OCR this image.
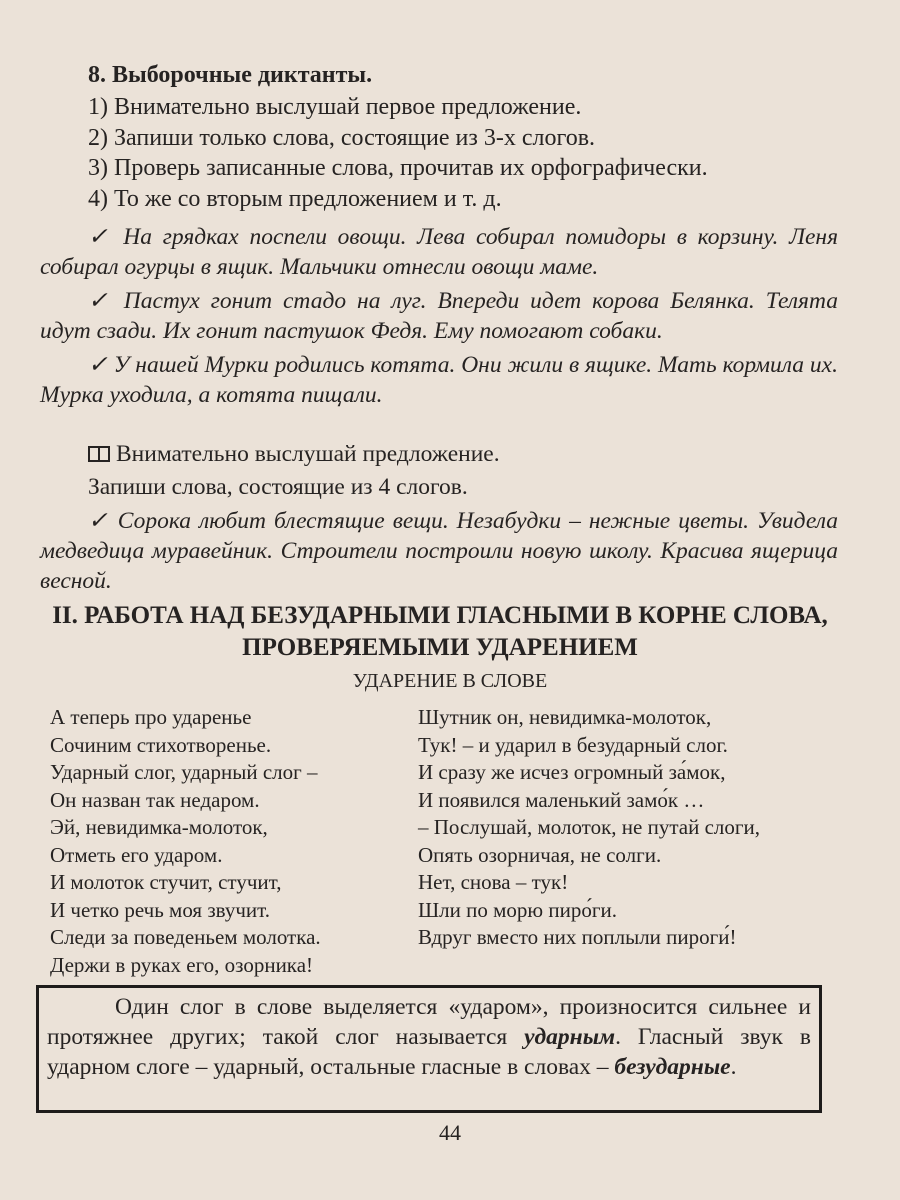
8. Выборочные диктанты.
1) Внимательно выслушай первое предложение.
2) Запиши только слова, состоящие из 3-х слогов.
3) Проверь записанные слова, прочитав их орфографически.
4) То же со вторым предложением и т. д.

✓ На грядках поспели овощи. Лева собирал помидоры в корзину. Леня собирал огурцы в ящик. Мальчики отнесли овощи маме.

✓ Пастух гонит стадо на луг. Впереди идет корова Белянка. Телята идут сзади. Их гонит пастушок Федя. Ему помогают собаки.

✓ У нашей Мурки родились котята. Они жили в ящике. Мать кормила их. Мурка уходила, а котята пищали.

Внимательно выслушай предложение.
Запиши слова, состоящие из 4 слогов.

✓ Сорока любит блестящие вещи. Незабудки – нежные цветы. Увидела медведица муравейник. Строители построили новую школу. Красива ящерица весной.

II. РАБОТА НАД БЕЗУДАРНЫМИ ГЛАСНЫМИ В КОРНЕ СЛОВА, ПРОВЕРЯЕМЫМИ УДАРЕНИЕМ
УДАРЕНИЕ В СЛОВЕ
А теперь про ударенье
Сочиним стихотворенье.
Ударный слог, ударный слог –
Он назван так недаром.
Эй, невидимка-молоток,
Отметь его ударом.
И молоток стучит, стучит,
И четко речь моя звучит.
Следи за поведеньем молотка.
Держи в руках его, озорника!
Шутник он, невидимка-молоток,
Тук! – и ударил в безударный слог.
И сразу же исчез огромный за́мок,
И появился маленький замо́к …
– Послушай, молоток, не путай слоги,
Опять озорничая, не солги.
Нет, снова – тук!
Шли по морю пиро́ги.
Вдруг вместо них поплыли пироги́!
Один слог в слове выделяется «ударом», произносится сильнее и протяжнее других; такой слог называется ударным. Гласный звук в ударном слоге – ударный, остальные гласные в словах – безударные.
44
